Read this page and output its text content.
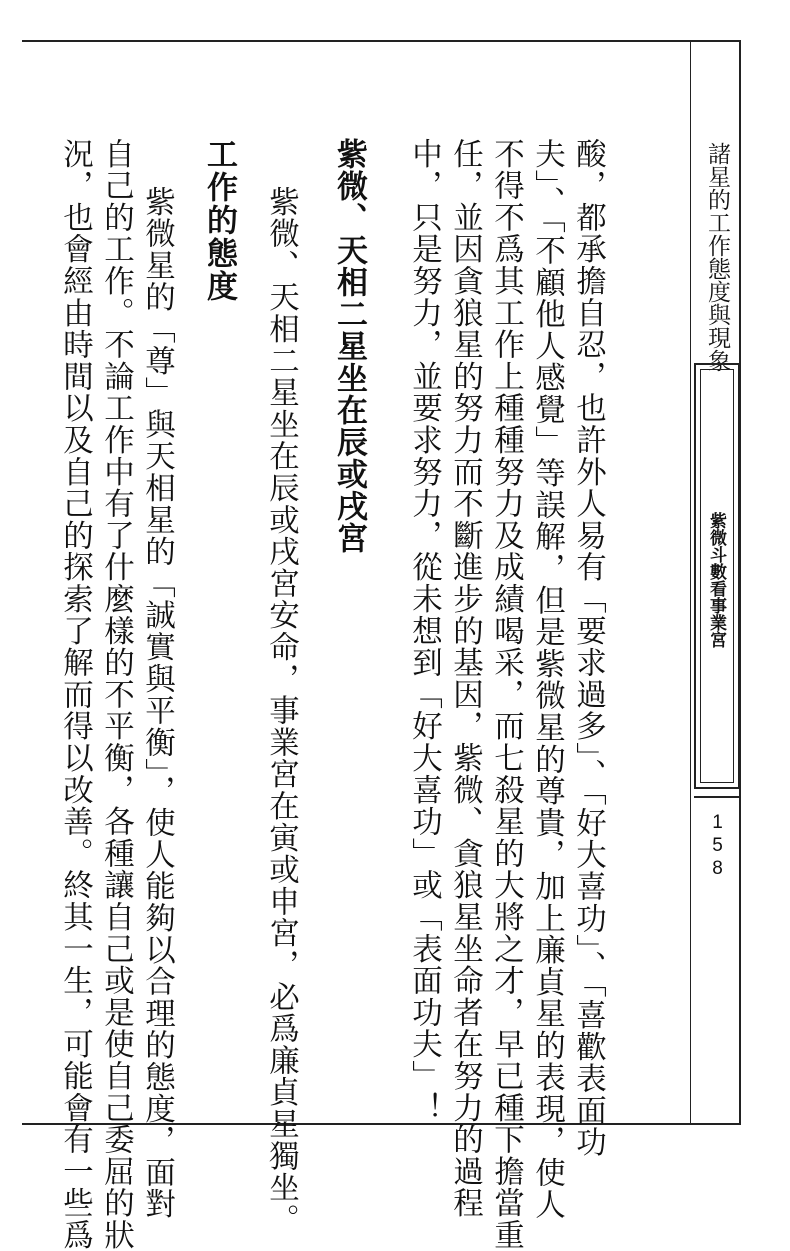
諸星的工作態度與現象
紫微斗數看事業宮
158
酸，都承擔自忍，也許外人易有「要求過多」、「好大喜功」、「喜歡表面功
夫」、「不顧他人感覺」等誤解，但是紫微星的尊貴，加上廉貞星的表現，使人
不得不爲其工作上種種努力及成績喝采，而七殺星的大將之才，早已種下擔當重
任，並因貪狼星的努力而不斷進步的基因，紫微、貪狼星坐命者在努力的過程
中，只是努力，並要求努力，從未想到「好大喜功」或「表面功夫」！
紫微、天相二星坐在辰或戌宮
紫微、天相二星坐在辰或戌宮安命，事業宮在寅或申宮，必爲廉貞星獨坐。
工作的態度
紫微星的「尊」與天相星的「誠實與平衡」，使人能夠以合理的態度，面對
自己的工作。不論工作中有了什麼樣的不平衡，各種讓自己或是使自己委屈的狀
況，也會經由時間以及自己的探索了解而得以改善。終其一生，可能會有一些爲
